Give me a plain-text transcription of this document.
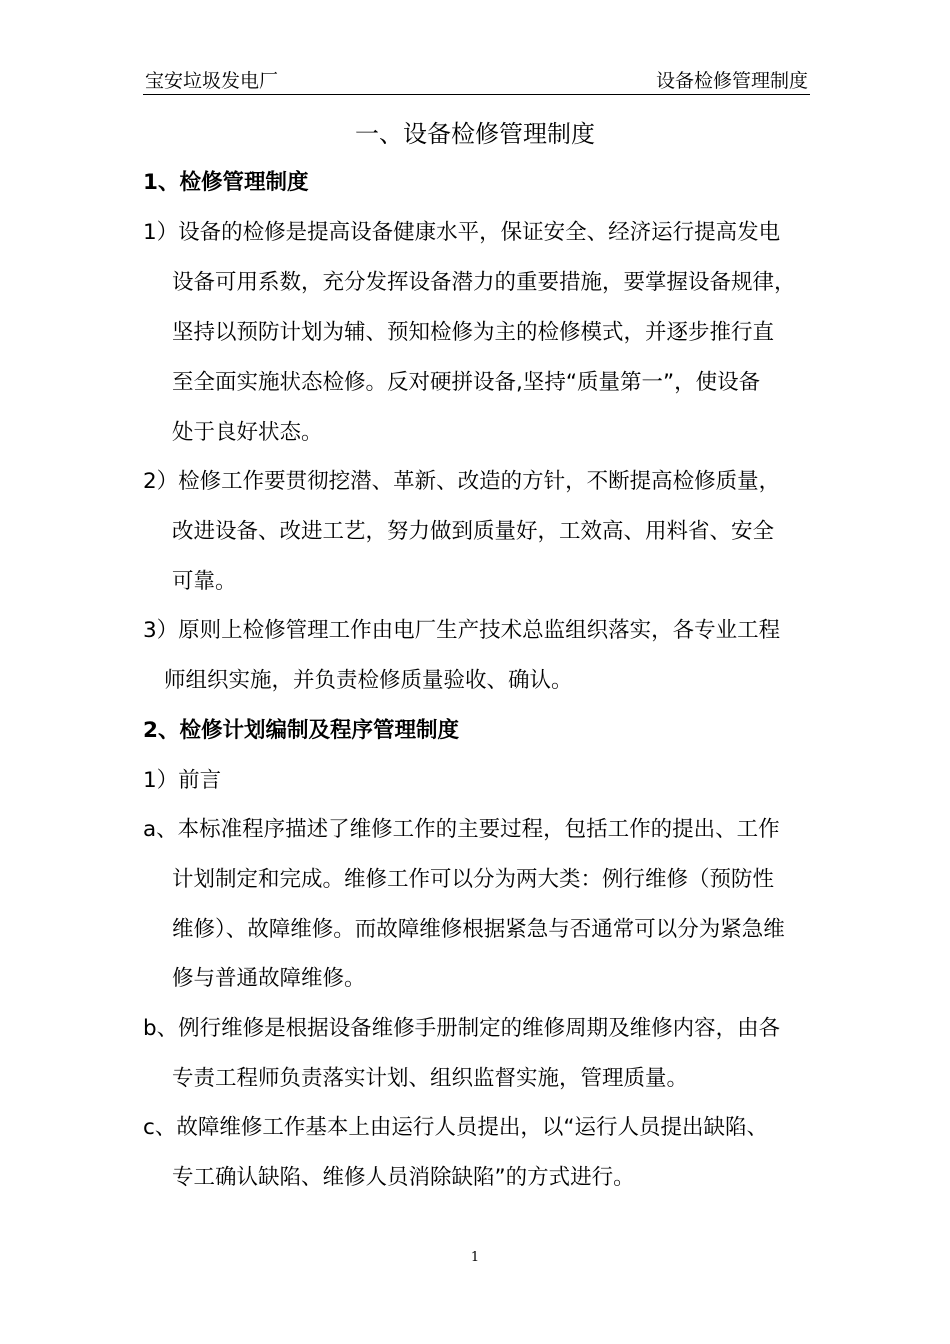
宝安垃圾发电厂	设备检修管理制度
一、设备检修管理制度
1、检修管理制度
1）设备的检修是提高设备健康水平，保证安全、经济运行提高发电
设备可用系数，充分发挥设备潜力的重要措施，要掌握设备规律，
坚持以预防计划为辅、预知检修为主的检修模式，并逐步推行直
至全面实施状态检修。反对硬拼设备,坚持“质量第一”，使设备
处于良好状态。
2）检修工作要贯彻挖潜、革新、改造的方针，不断提高检修质量，
改进设备、改进工艺，努力做到质量好，工效高、用料省、安全
可靠。
3）原则上检修管理工作由电厂生产技术总监组织落实，各专业工程
师组织实施，并负责检修质量验收、确认。
2、检修计划编制及程序管理制度
1）前言
a、本标准程序描述了维修工作的主要过程，包括工作的提出、工作
计划制定和完成。维修工作可以分为两大类：例行维修（预防性
维修）、故障维修。而故障维修根据紧急与否通常可以分为紧急维
修与普通故障维修。
b、例行维修是根据设备维修手册制定的维修周期及维修内容，由各
专责工程师负责落实计划、组织监督实施，管理质量。
c、故障维修工作基本上由运行人员提出，以“运行人员提出缺陷、
专工确认缺陷、维修人员消除缺陷”的方式进行。
1
